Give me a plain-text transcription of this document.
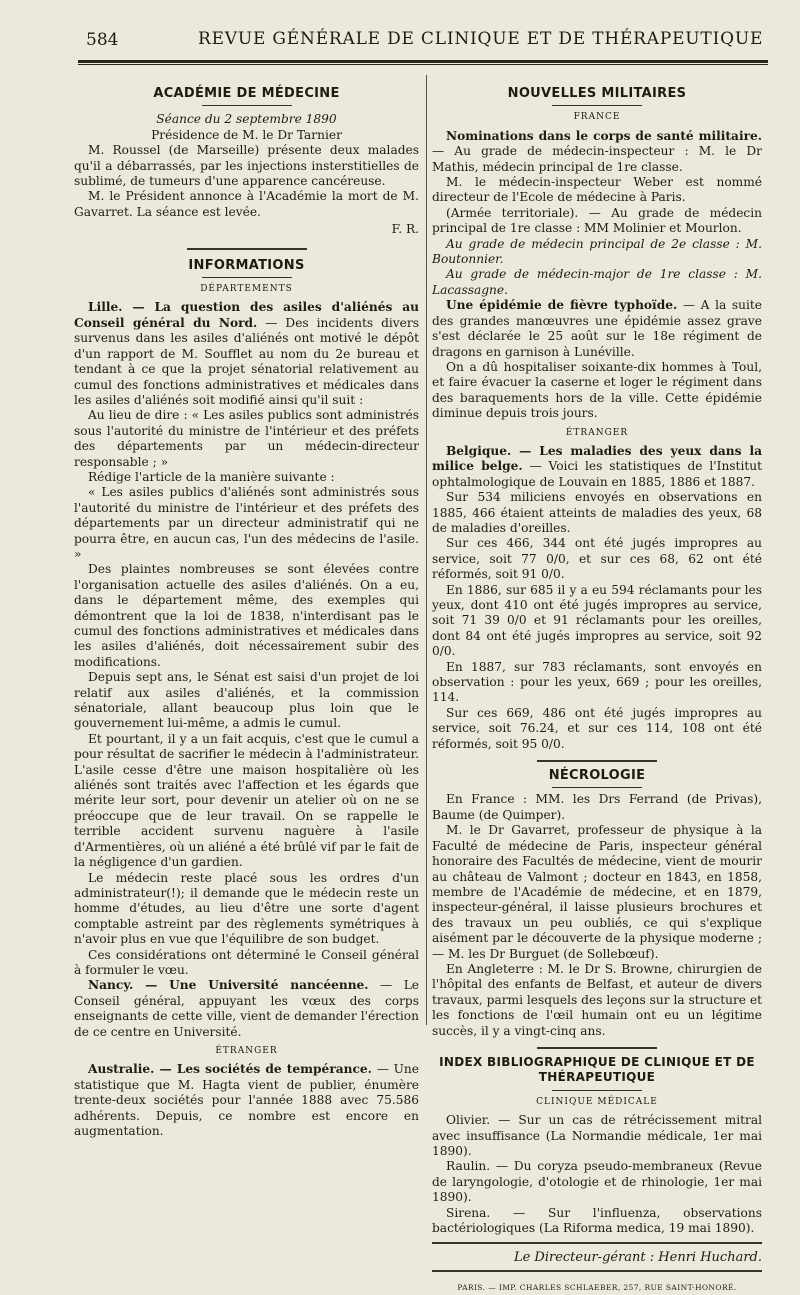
584	REVUE GÉNÉRALE DE CLINIQUE ET DE THÉRAPEUTIQUE
ACADÉMIE DE MÉDECINE
Séance du 2 septembre 1890
Présidence de M. le Dr Tarnier

M. Roussel (de Marseille) présente deux malades qu'il a débarrassés, par les injections insterstitielles de sublimé, de tumeurs d'une apparence cancéreuse.

M. le Président annonce à l'Académie la mort de M. Gavarret. La séance est levée.

F. R.
INFORMATIONS
DÉPARTEMENTS

Lille. — La question des asiles d'aliénés au Conseil général du Nord. — Des incidents divers survenus dans les asiles d'aliénés ont motivé le dépôt d'un rapport de M. Soufflet au nom du 2e bureau et tendant à ce que la projet sénatorial relativement au cumul des fonctions administratives et médicales dans les asiles d'aliénés soit modifié ainsi qu'il suit :

Au lieu de dire : « Les asiles publics sont administrés sous l'autorité du ministre de l'intérieur et des préfets des départements par un médecin-directeur responsable ; »

Rédige l'article de la manière suivante :

« Les asiles publics d'aliénés sont administrés sous l'autorité du ministre de l'intérieur et des préfets des départements par un directeur administratif qui ne pourra être, en aucun cas, l'un des médecins de l'asile. »

Des plaintes nombreuses se sont élevées contre l'organisation actuelle des asiles d'aliénés. On a eu, dans le département même, des exemples qui démontrent que la loi de 1838, n'interdisant pas le cumul des fonctions administratives et médicales dans les asiles d'aliénés, doit nécessairement subir des modifications.

Depuis sept ans, le Sénat est saisi d'un projet de loi relatif aux asiles d'aliénés, et la commission sénatoriale, allant beaucoup plus loin que le gouvernement lui-même, a admis le cumul.

Et pourtant, il y a un fait acquis, c'est que le cumul a pour résultat de sacrifier le médecin à l'administrateur. L'asile cesse d'être une maison hospitalière où les aliénés sont traités avec l'affection et les égards que mérite leur sort, pour devenir un atelier où on ne se préoccupe que de leur travail. On se rappelle le terrible accident survenu naguère à l'asile d'Armentières, où un aliéné a été brûlé vif par le fait de la négligence d'un gardien.

Le médecin reste placé sous les ordres d'un administrateur(!); il demande que le médecin reste un homme d'études, au lieu d'être une sorte d'agent comptable astreint par des règlements symétriques à n'avoir plus en vue que l'équilibre de son budget.

Ces considérations ont déterminé le Conseil général à formuler le vœu.

Nancy. — Une Université nancéenne. — Le Conseil général, appuyant les vœux des corps enseignants de cette ville, vient de demander l'érection de ce centre en Université.

ÉTRANGER

Australie. — Les sociétés de tempérance. — Une statistique que M. Hagta vient de publier, énumère trente-deux sociétés pour l'année 1888 avec 75.586 adhérents. Depuis, ce nombre est encore en augmentation.

NOUVELLES MILITAIRES
FRANCE

Nominations dans le corps de santé militaire. — Au grade de médecin-inspecteur : M. le Dr Mathis, médecin principal de 1re classe.

M. le médecin-inspecteur Weber est nommé directeur de l'Ecole de médecine à Paris.

(Armée territoriale). — Au grade de médecin principal de 1re classe : MM Molinier et Mourlon.

Au grade de médecin principal de 2e classe : M. Boutonnier.

Au grade de médecin-major de 1re classe : M. Lacassagne.

Une épidémie de fièvre typhoïde. — A la suite des grandes manœuvres une épidémie assez grave s'est déclarée le 25 août sur le 18e régiment de dragons en garnison à Lunéville.

On a dû hospitaliser soixante-dix hommes à Toul, et faire évacuer la caserne et loger le régiment dans des baraquements hors de la ville. Cette épidémie diminue depuis trois jours.

ÉTRANGER

Belgique. — Les maladies des yeux dans la milice belge. — Voici les statistiques de l'Institut ophtalmologique de Louvain en 1885, 1886 et 1887.

Sur 534 miliciens envoyés en observations en 1885, 466 étaient atteints de maladies des yeux, 68 de maladies d'oreilles.

Sur ces 466, 344 ont été jugés impropres au service, soit 77 0/0, et sur ces 68, 62 ont été réformés, soit 91 0/0.

En 1886, sur 685 il y a eu 594 réclamants pour les yeux, dont 410 ont été jugés impropres au service, soit 71 39 0/0 et 91 réclamants pour les oreilles, dont 84 ont été jugés impropres au service, soit 92 0/0.

En 1887, sur 783 réclamants, sont envoyés en observation : pour les yeux, 669 ; pour les oreilles, 114.

Sur ces 669, 486 ont été jugés impropres au service, soit 76.24, et sur ces 114, 108 ont été réformés, soit 95 0/0.

NÉCROLOGIE

En France : MM. les Drs Ferrand (de Privas), Baume (de Quimper).

M. le Dr Gavarret, professeur de physique à la Faculté de médecine de Paris, inspecteur général honoraire des Facultés de médecine, vient de mourir au château de Valmont ; docteur en 1843, en 1858, membre de l'Académie de médecine, et en 1879, inspecteur-général, il laisse plusieurs brochures et des travaux un peu oubliés, ce qui s'explique aisément par le découverte de la physique moderne ; — M. les Dr Burguet (de Sollebœuf).

En Angleterre : M. le Dr S. Browne, chirurgien de l'hôpital des enfants de Belfast, et auteur de divers travaux, parmi lesquels des leçons sur la structure et les fonctions de l'œil humain ont eu un légitime succès, il y a vingt-cinq ans.

INDEX BIBLIOGRAPHIQUE DE CLINIQUE ET DE THÉRAPEUTIQUE
CLINIQUE MÉDICALE

Olivier. — Sur un cas de rétrécissement mitral avec insuffisance (La Normandie médicale, 1er mai 1890).

Raulin. — Du coryza pseudo-membraneux (Revue de laryngologie, d'otologie et de rhinologie, 1er mai 1890).

Sirena. — Sur l'influenza, observations bactériologiques (La Riforma medica, 19 mai 1890).

Le Directeur-gérant : Henri Huchard.
PARIS. — IMP. CHARLES SCHLAEBER, 257, RUE SAINT-HONORÉ.
